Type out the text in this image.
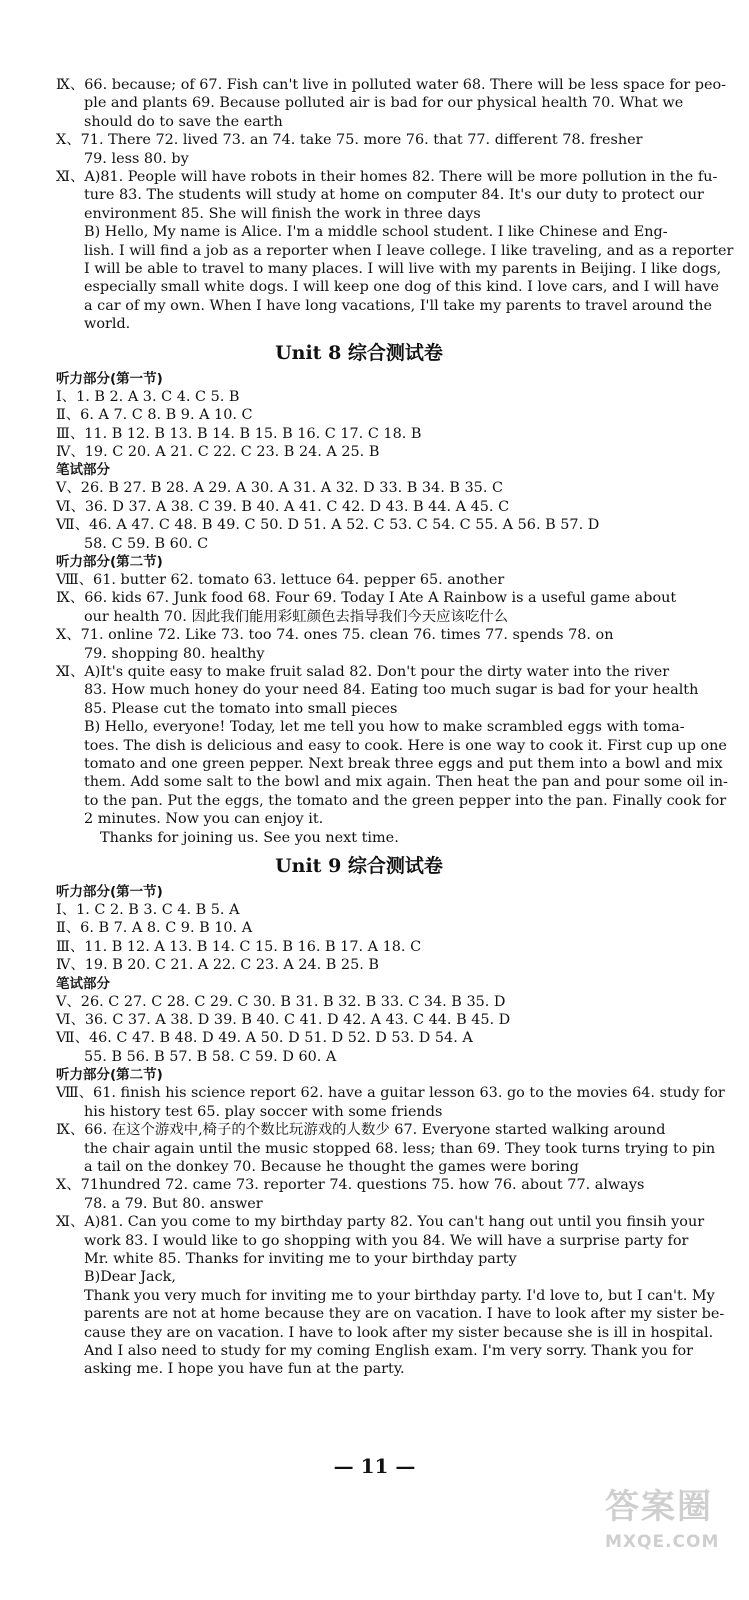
Ⅸ、66. because; of 67. Fish can't live in polluted water 68. There will be less space for peo-
ple and plants 69. Because polluted air is bad for our physical health 70. What we
should do to save the earth
Ⅹ、71. There 72. lived 73. an 74. take 75. more 76. that 77. different 78. fresher
79. less 80. by
Ⅺ、A)81. People will have robots in their homes 82. There will be more pollution in the fu-
ture 83. The students will study at home on computer 84. It's our duty to protect our
environment 85. She will finish the work in three days
B) Hello, My name is Alice. I'm a middle school student. I like Chinese and Eng-
lish. I will find a job as a reporter when I leave college. I like traveling, and as a reporter
I will be able to travel to many places. I will live with my parents in Beijing. I like dogs,
especially small white dogs. I will keep one dog of this kind. I love cars, and I will have
a car of my own. When I have long vacations, I'll take my parents to travel around the
world.
Unit 8 综合测试卷
听力部分(第一节)
Ⅰ、1. B 2. A 3. C 4. C 5. B
Ⅱ、6. A 7. C 8. B 9. A 10. C
Ⅲ、11. B 12. B 13. B 14. B 15. B 16. C 17. C 18. B
Ⅳ、19. C 20. A 21. C 22. C 23. B 24. A 25. B
笔试部分
Ⅴ、26. B 27. B 28. A 29. A 30. A 31. A 32. D 33. B 34. B 35. C
Ⅵ、36. D 37. A 38. C 39. B 40. A 41. C 42. D 43. B 44. A 45. C
Ⅶ、46. A 47. C 48. B 49. C 50. D 51. A 52. C 53. C 54. C 55. A 56. B 57. D
58. C 59. B 60. C
听力部分(第二节)
Ⅷ、61. butter 62. tomato 63. lettuce 64. pepper 65. another
Ⅸ、66. kids 67. Junk food 68. Four 69. Today I Ate A Rainbow is a useful game about
our health 70. 因此我们能用彩虹颜色去指导我们今天应该吃什么
Ⅹ、71. online 72. Like 73. too 74. ones 75. clean 76. times 77. spends 78. on
79. shopping 80. healthy
Ⅺ、A)It's quite easy to make fruit salad 82. Don't pour the dirty water into the river
83. How much honey do your need 84. Eating too much sugar is bad for your health
85. Please cut the tomato into small pieces
B) Hello, everyone! Today, let me tell you how to make scrambled eggs with toma-
toes. The dish is delicious and easy to cook. Here is one way to cook it. First cup up one
tomato and one green pepper. Next break three eggs and put them into a bowl and mix
them. Add some salt to the bowl and mix again. Then heat the pan and pour some oil in-
to the pan. Put the eggs, the tomato and the green pepper into the pan. Finally cook for
2 minutes. Now you can enjoy it.
Thanks for joining us. See you next time.
Unit 9 综合测试卷
听力部分(第一节)
Ⅰ、1. C 2. B 3. C 4. B 5. A
Ⅱ、6. B 7. A 8. C 9. B 10. A
Ⅲ、11. B 12. A 13. B 14. C 15. B 16. B 17. A 18. C
Ⅳ、19. B 20. C 21. A 22. C 23. A 24. B 25. B
笔试部分
Ⅴ、26. C 27. C 28. C 29. C 30. B 31. B 32. B 33. C 34. B 35. D
Ⅵ、36. C 37. A 38. D 39. B 40. C 41. D 42. A 43. C 44. B 45. D
Ⅶ、46. C 47. B 48. D 49. A 50. D 51. D 52. D 53. D 54. A
55. B 56. B 57. B 58. C 59. D 60. A
听力部分(第二节)
Ⅷ、61. finish his science report 62. have a guitar lesson 63. go to the movies 64. study for
his history test 65. play soccer with some friends
Ⅸ、66. 在这个游戏中,椅子的个数比玩游戏的人数少 67. Everyone started walking around
the chair again until the music stopped 68. less; than 69. They took turns trying to pin
a tail on the donkey 70. Because he thought the games were boring
Ⅹ、71hundred 72. came 73. reporter 74. questions 75. how 76. about 77. always
78. a 79. But 80. answer
Ⅺ、A)81. Can you come to my birthday party 82. You can't hang out until you finsih your
work 83. I would like to go shopping with you 84. We will have a surprise party for
Mr. white 85. Thanks for inviting me to your birthday party
B)Dear Jack,
Thank you very much for inviting me to your birthday party. I'd love to, but I can't. My
parents are not at home because they are on vacation. I have to look after my sister be-
cause they are on vacation. I have to look after my sister because she is ill in hospital.
And I also need to study for my coming English exam. I'm very sorry. Thank you for
asking me. I hope you have fun at the party.
— 11 —
答案圈
MXQE.COM
